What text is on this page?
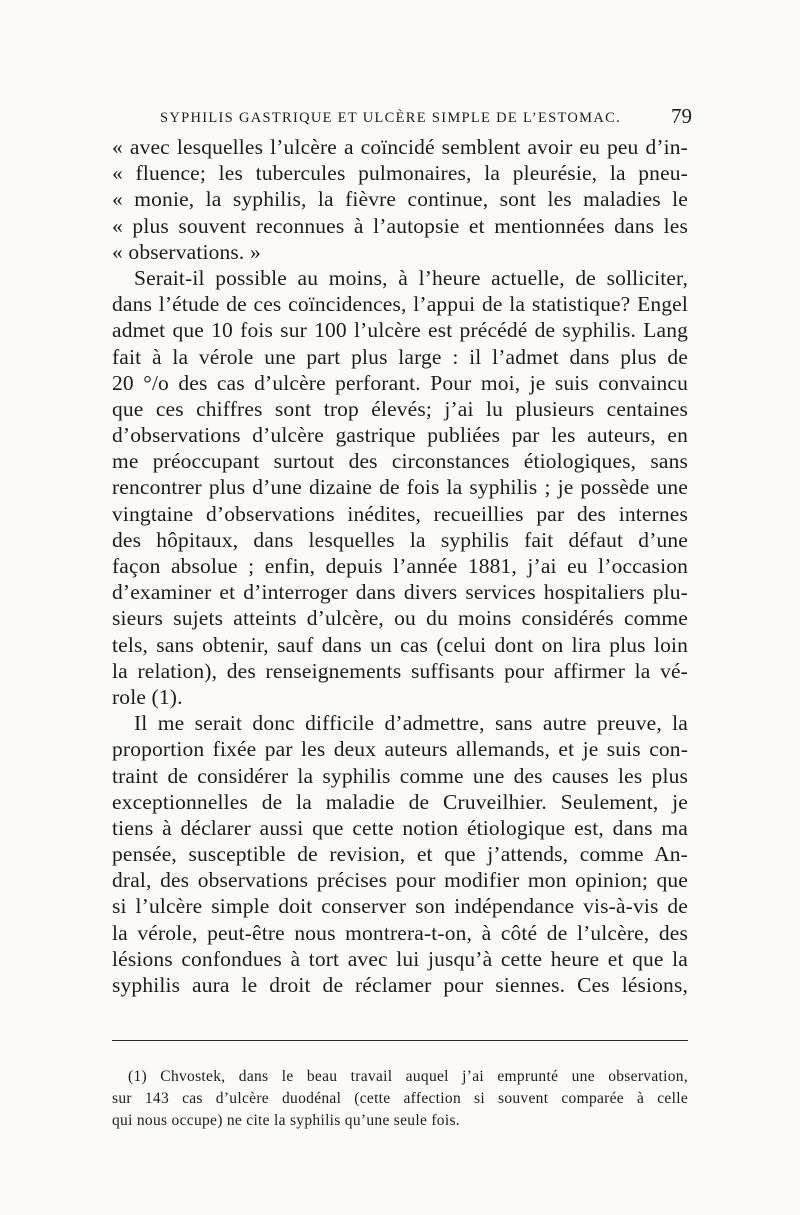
SYPHILIS GASTRIQUE ET ULCÈRE SIMPLE DE L’ESTOMAC. 79
« avec lesquelles l’ulcère a coïncidé semblent avoir eu peu d’in-
« fluence; les tubercules pulmonaires, la pleurésie, la pneu-
« monie, la syphilis, la fièvre continue, sont les maladies le
« plus souvent reconnues à l’autopsie et mentionnées dans les
« observations. »
Serait-il possible au moins, à l’heure actuelle, de solliciter,
dans l’étude de ces coïncidences, l’appui de la statistique? Engel
admet que 10 fois sur 100 l’ulcère est précédé de syphilis. Lang
fait à la vérole une part plus large : il l’admet dans plus de
20 °/o des cas d’ulcère perforant. Pour moi, je suis convaincu
que ces chiffres sont trop élevés; j’ai lu plusieurs centaines
d’observations d’ulcère gastrique publiées par les auteurs, en
me préoccupant surtout des circonstances étiologiques, sans
rencontrer plus d’une dizaine de fois la syphilis ; je possède une
vingtaine d’observations inédites, recueillies par des internes
des hôpitaux, dans lesquelles la syphilis fait défaut d’une
façon absolue ; enfin, depuis l’année 1881, j’ai eu l’occasion
d’examiner et d’interroger dans divers services hospitaliers plu-
sieurs sujets atteints d’ulcère, ou du moins considérés comme
tels, sans obtenir, sauf dans un cas (celui dont on lira plus loin
la relation), des renseignements suffisants pour affirmer la vé-
role (1).
Il me serait donc difficile d’admettre, sans autre preuve, la
proportion fixée par les deux auteurs allemands, et je suis con-
traint de considérer la syphilis comme une des causes les plus
exceptionnelles de la maladie de Cruveilhier. Seulement, je
tiens à déclarer aussi que cette notion étiologique est, dans ma
pensée, susceptible de revision, et que j’attends, comme An-
dral, des observations précises pour modifier mon opinion; que
si l’ulcère simple doit conserver son indépendance vis-à-vis de
la vérole, peut-être nous montrera-t-on, à côté de l’ulcère, des
lésions confondues à tort avec lui jusqu’à cette heure et que la
syphilis aura le droit de réclamer pour siennes. Ces lésions,
(1) Chvostek, dans le beau travail auquel j’ai emprunté une observation,
sur 143 cas d’ulcère duodénal (cette affection si souvent comparée à celle
qui nous occupe) ne cite la syphilis qu’une seule fois.
